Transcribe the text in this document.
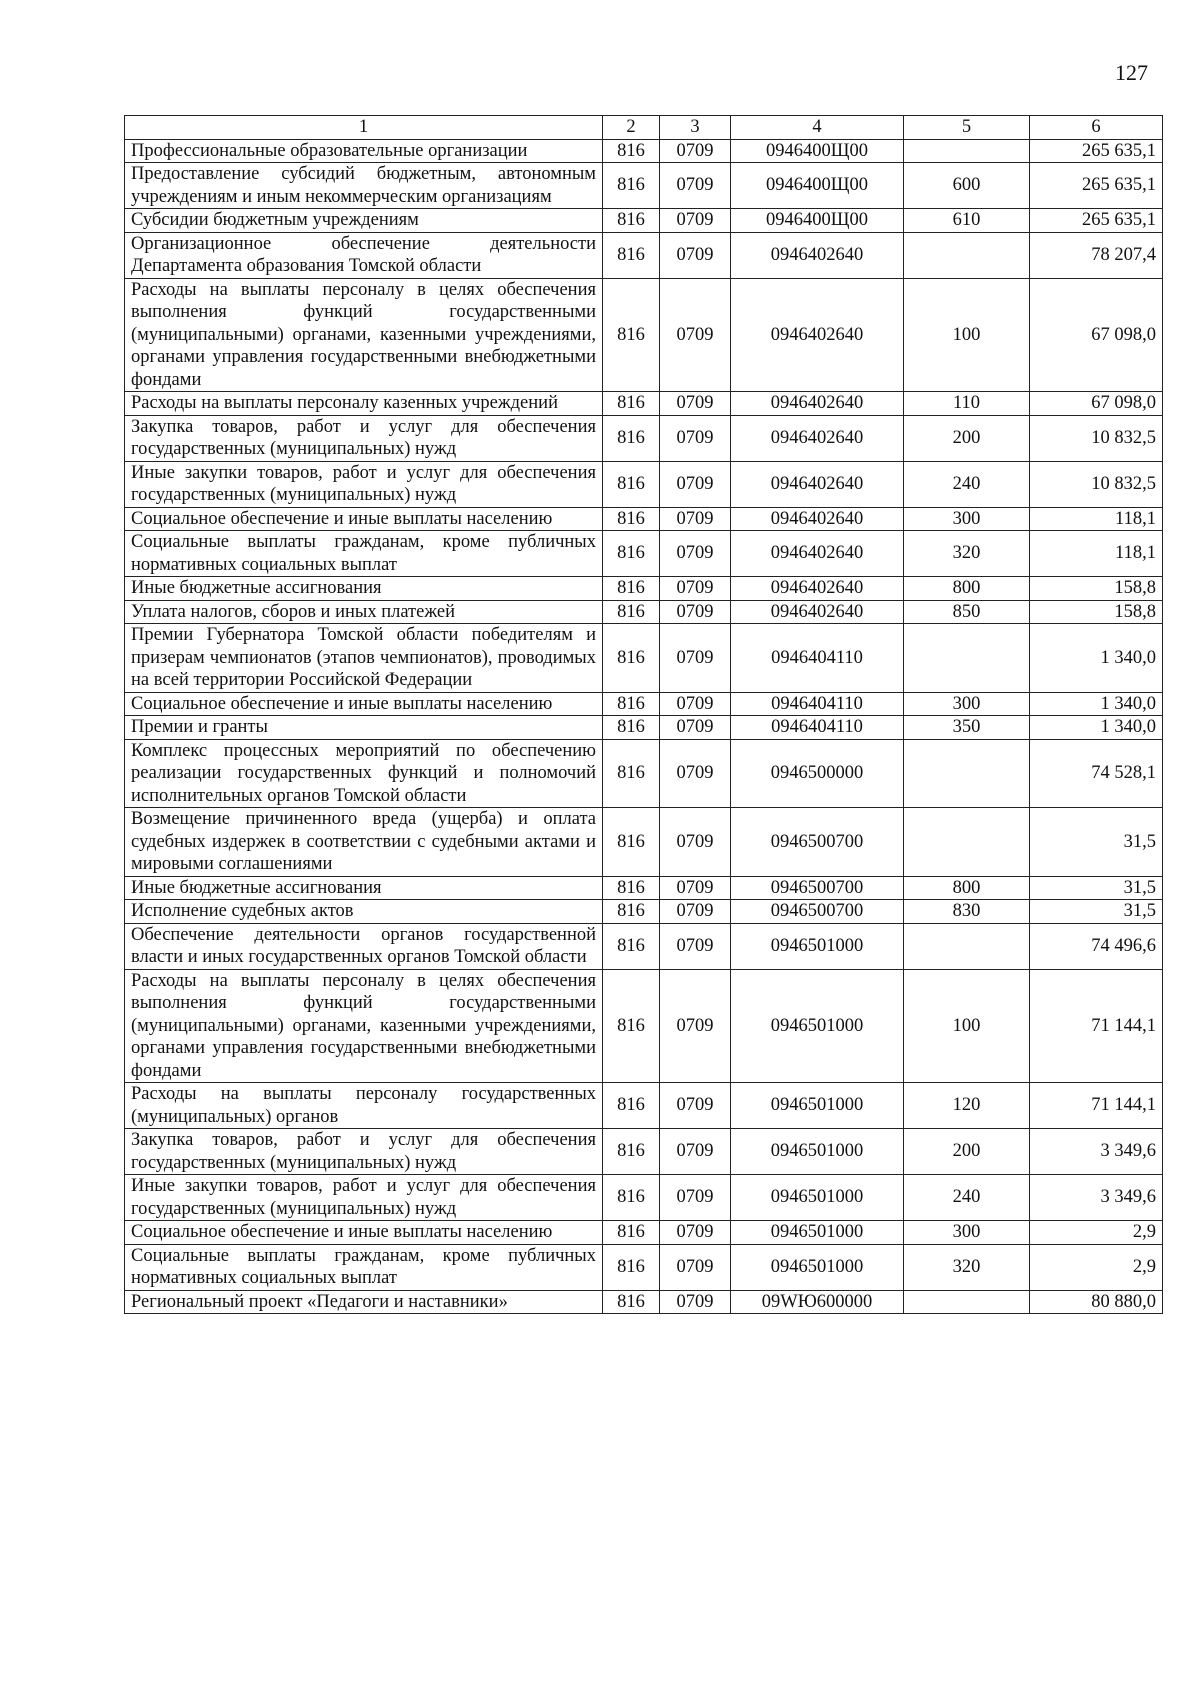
127
1	2	3	4	5	6
Профессиональные образовательные организации	816	0709	0946400Щ00		265 635,1
Предоставление субсидий бюджетным, автономным учреждениям и иным некоммерческим организациям	816	0709	0946400Щ00	600	265 635,1
Субсидии бюджетным учреждениям	816	0709	0946400Щ00	610	265 635,1
Организационное обеспечение деятельности Департамента образования Томской области	816	0709	0946402640		78 207,4
Расходы на выплаты персоналу в целях обеспечения выполнения функций государственными (муниципальными) органами, казенными учреждениями, органами управления государственными внебюджетными фондами	816	0709	0946402640	100	67 098,0
Расходы на выплаты персоналу казенных учреждений	816	0709	0946402640	110	67 098,0
Закупка товаров, работ и услуг для обеспечения государственных (муниципальных) нужд	816	0709	0946402640	200	10 832,5
Иные закупки товаров, работ и услуг для обеспечения государственных (муниципальных) нужд	816	0709	0946402640	240	10 832,5
Социальное обеспечение и иные выплаты населению	816	0709	0946402640	300	118,1
Социальные выплаты гражданам, кроме публичных нормативных социальных выплат	816	0709	0946402640	320	118,1
Иные бюджетные ассигнования	816	0709	0946402640	800	158,8
Уплата налогов, сборов и иных платежей	816	0709	0946402640	850	158,8
Премии Губернатора Томской области победителям и призерам чемпионатов (этапов чемпионатов), проводимых на всей территории Российской Федерации	816	0709	0946404110		1 340,0
Социальное обеспечение и иные выплаты населению	816	0709	0946404110	300	1 340,0
Премии и гранты	816	0709	0946404110	350	1 340,0
Комплекс процессных мероприятий по обеспечению реализации государственных функций и полномочий исполнительных органов Томской области	816	0709	0946500000		74 528,1
Возмещение причиненного вреда (ущерба) и оплата судебных издержек в соответствии с судебными актами и мировыми соглашениями	816	0709	0946500700		31,5
Иные бюджетные ассигнования	816	0709	0946500700	800	31,5
Исполнение судебных актов	816	0709	0946500700	830	31,5
Обеспечение деятельности органов государственной власти и иных государственных органов Томской области	816	0709	0946501000		74 496,6
Расходы на выплаты персоналу в целях обеспечения выполнения функций государственными (муниципальными) органами, казенными учреждениями, органами управления государственными внебюджетными фондами	816	0709	0946501000	100	71 144,1
Расходы на выплаты персоналу государственных (муниципальных) органов	816	0709	0946501000	120	71 144,1
Закупка товаров, работ и услуг для обеспечения государственных (муниципальных) нужд	816	0709	0946501000	200	3 349,6
Иные закупки товаров, работ и услуг для обеспечения государственных (муниципальных) нужд	816	0709	0946501000	240	3 349,6
Социальное обеспечение и иные выплаты населению	816	0709	0946501000	300	2,9
Социальные выплаты гражданам, кроме публичных нормативных социальных выплат	816	0709	0946501000	320	2,9
Региональный проект «Педагоги и наставники»	816	0709	09WЮ600000		80 880,0
